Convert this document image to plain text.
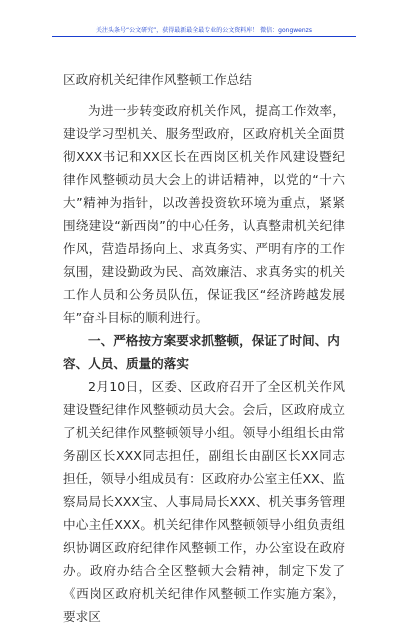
关注头条号“公文研究”，获得最新最全最专业的公文资料库！ 微信：gongwenzs

区政府机关纪律作风整顿工作总结

为进一步转变政府机关作风，提高工作效率，建设学习型机关、服务型政府，区政府机关全面贯彻XXX书记和XX区长在西岗区机关作风建设暨纪律作风整顿动员大会上的讲话精神，以党的“十六大”精神为指针，以改善投资软环境为重点，紧紧围绕建设“新西岗”的中心任务，认真整肃机关纪律作风，营造昂扬向上、求真务实、严明有序的工作氛围，建设勤政为民、高效廉洁、求真务实的机关工作人员和公务员队伍，保证我区“经济跨越发展年”奋斗目标的顺利进行。

一、严格按方案要求抓整顿，保证了时间、内容、人员、质量的落实

2月10日，区委、区政府召开了全区机关作风建设暨纪律作风整顿动员大会。会后，区政府成立了机关纪律作风整顿领导小组。领导小组组长由常务副区长XXX同志担任，副组长由副区长XX同志担任，领导小组成员有：区政府办公室主任XX、监察局局长XXX宝、人事局局长XXX、机关事务管理中心主任XXX。机关纪律作风整顿领导小组负责组织协调区政府纪律作风整顿工作，办公室设在政府办。政府办结合全区整顿大会精神，制定下发了《西岗区政府机关纪律作风整顿工作实施方案》，要求区
